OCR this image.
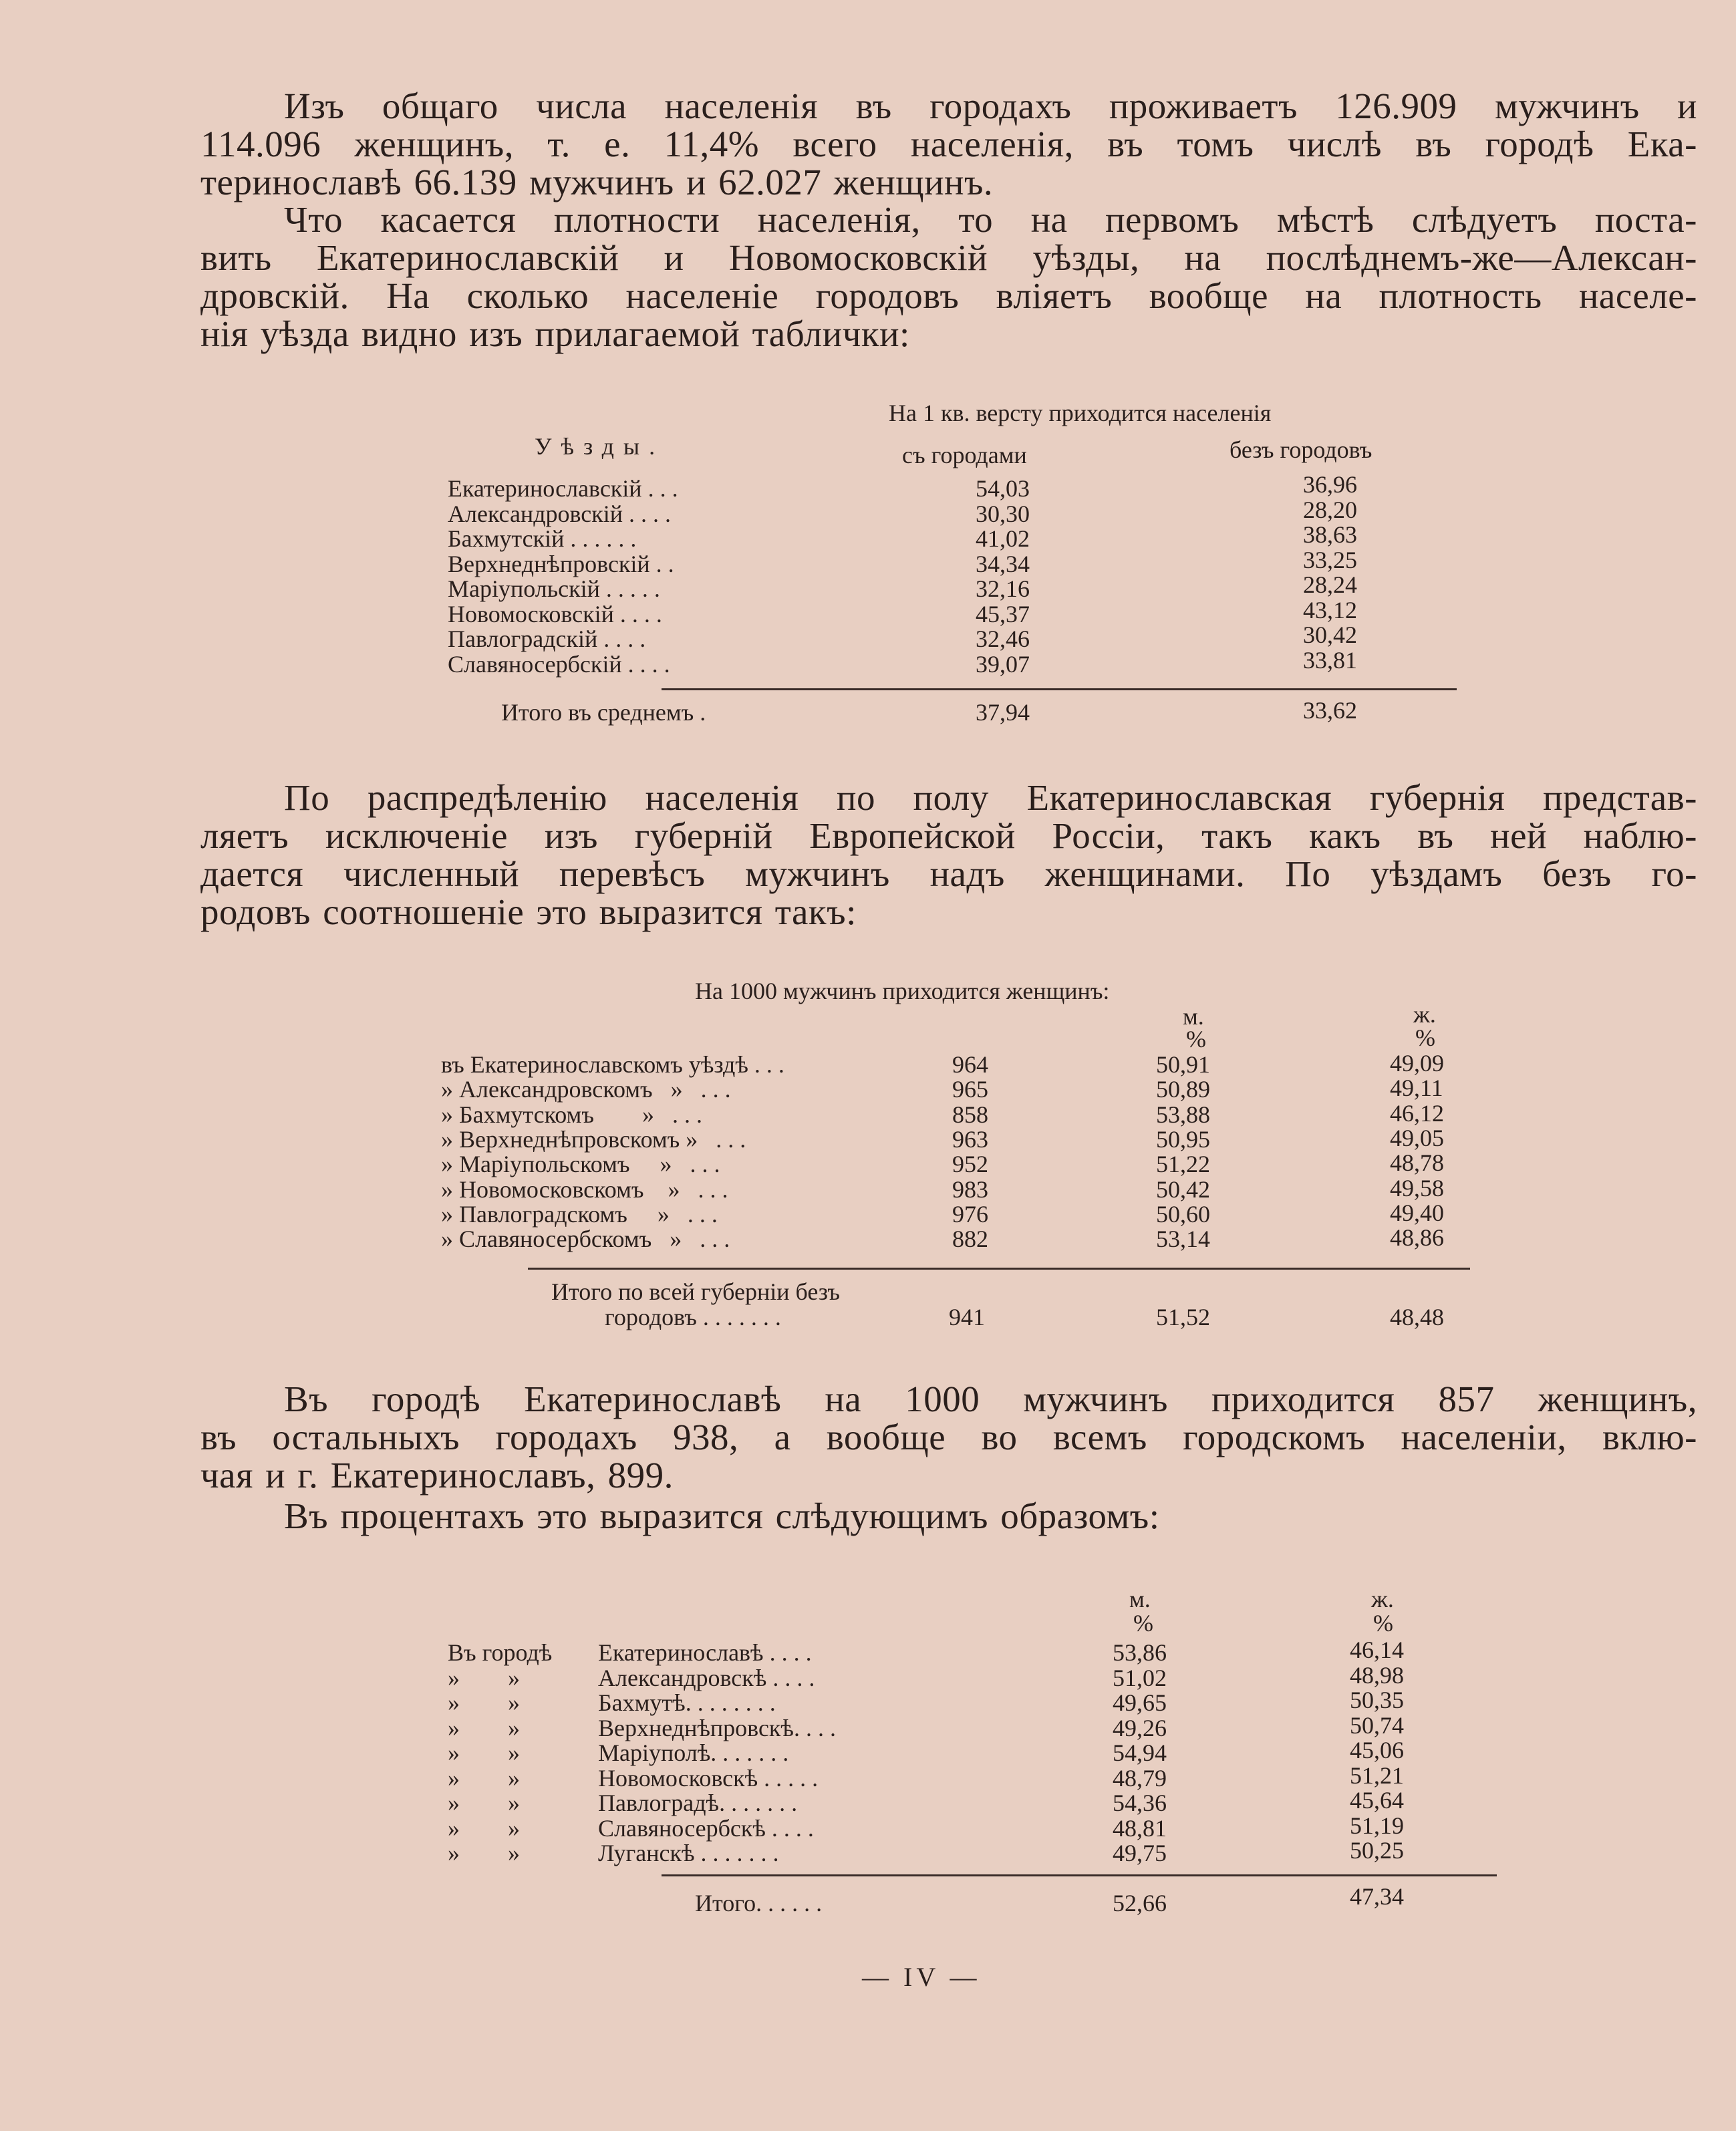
Изъ общаго числа населенія въ городахъ проживаетъ 126.909 мужчинъ и
114.096 женщинъ, т. е. 11,4% всего населенія, въ томъ числѣ въ городѣ Ека-
теринославѣ 66.139 мужчинъ и 62.027 женщинъ.
Что касается плотности населенія, то на первомъ мѣстѣ слѣдуетъ поста-
вить Екатеринославскій и Новомосковскій уѣзды, на послѣднемъ-же—Алексан-
дровскій. На сколько населеніе городовъ вліяетъ вообще на плотность населе-
нія уѣзда видно изъ прилагаемой таблички:
Уѣзды.
На 1 кв. версту приходится населенія
съ городами	безъ городовъ
Екатеринославскій . . .	54,03	36,96
Александровскій . . . .	30,30	28,20
Бахмутскій . . . . . .	41,02	38,63
Верхнеднѣпровскій . .	34,34	33,25
Маріупольскій . . . . .	32,16	28,24
Новомосковскій . . . .	45,37	43,12
Павлоградскій . . . .	32,46	30,42
Славяносербскій . . . .	39,07	33,81
Итого въ среднемъ .	37,94	33,62
По распредѣленію населенія по полу Екатеринославская губернія представ-
ляетъ исключеніе изъ губерній Европейской Россіи, такъ какъ въ ней наблю-
дается численный перевѣсъ мужчинъ надъ женщинами. По уѣздамъ безъ го-
родовъ соотношеніе это выразится такъ:
На 1000 мужчинъ приходится женщинъ:
м.
%
ж.
%
въ Екатеринославскомъ уѣздѣ . . .	964	50,91	49,09
» Александровскомъ   »   . . .	965	50,89	49,11
» Бахмутскомъ        »   . . .	858	53,88	46,12
» Верхнеднѣпровскомъ »   . . .	963	50,95	49,05
» Маріупольскомъ     »   . . .	952	51,22	48,78
» Новомосковскомъ    »   . . .	983	50,42	49,58
» Павлоградскомъ     »   . . .	976	50,60	49,40
» Славяносербскомъ   »   . . .	882	53,14	48,86
Итого по всей губерніи безъ
городовъ . . . . . . .	941	51,52	48,48
Въ городѣ Екатеринославѣ на 1000 мужчинъ приходится 857 женщинъ,
въ остальныхъ городахъ 938, а вообще во всемъ городскомъ населеніи, вклю-
чая и г. Екатеринославъ, 899.
Въ процентахъ это выразится слѣдующимъ образомъ:
м.
%
ж.
%
Въ городѣ Екатеринославѣ . . . .	53,86	46,14
»        »	Александровскѣ . . . .	51,02	48,98
»        »	Бахмутѣ. . . . . . . .	49,65	50,35
»        »	Верхнеднѣпровскѣ. . . .	49,26	50,74
»        »	Маріуполѣ. . . . . . .	54,94	45,06
»        »	Новомосковскѣ . . . . .	48,79	51,21
»        »	Павлоградѣ. . . . . . .	54,36	45,64
»        »	Славяносербскѣ . . . .	48,81	51,19
»        »	Луганскѣ . . . . . . .	49,75	50,25
Итого. . . . . .	52,66	47,34
— IV —
